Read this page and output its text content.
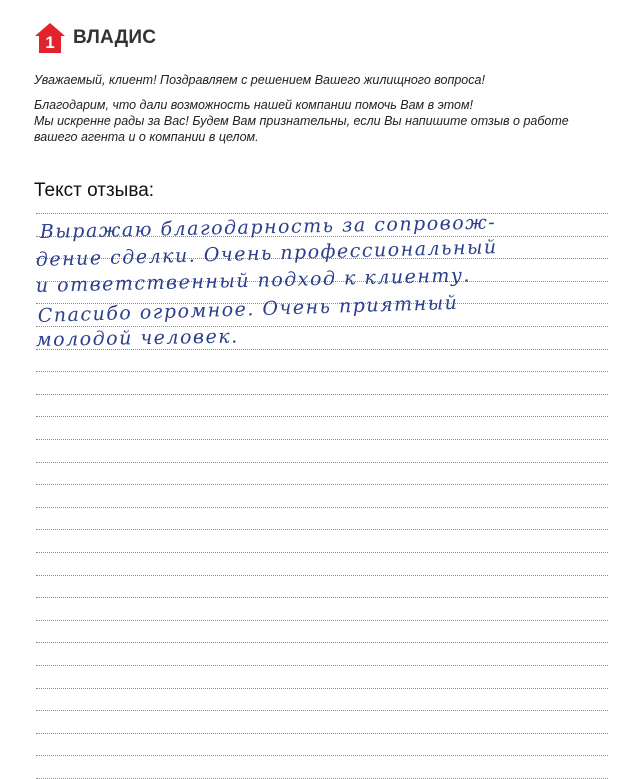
1 ВЛАДИС

Уважаемый, клиент! Поздравляем с решением Вашего жилищного вопроса!

Благодарим, что дали возможность нашей компании помочь Вам в этом!

Мы искренне рады за Вас! Будем Вам признательны, если Вы напишите отзыв о работе

вашего агента и о компании в целом.

Текст отзыва:
Выражаю благодарность за сопровож-
дение сделки. Очень профессиональный
и ответственный подход к клиенту.
Спасибо огромное. Очень приятный
молодой человек.
